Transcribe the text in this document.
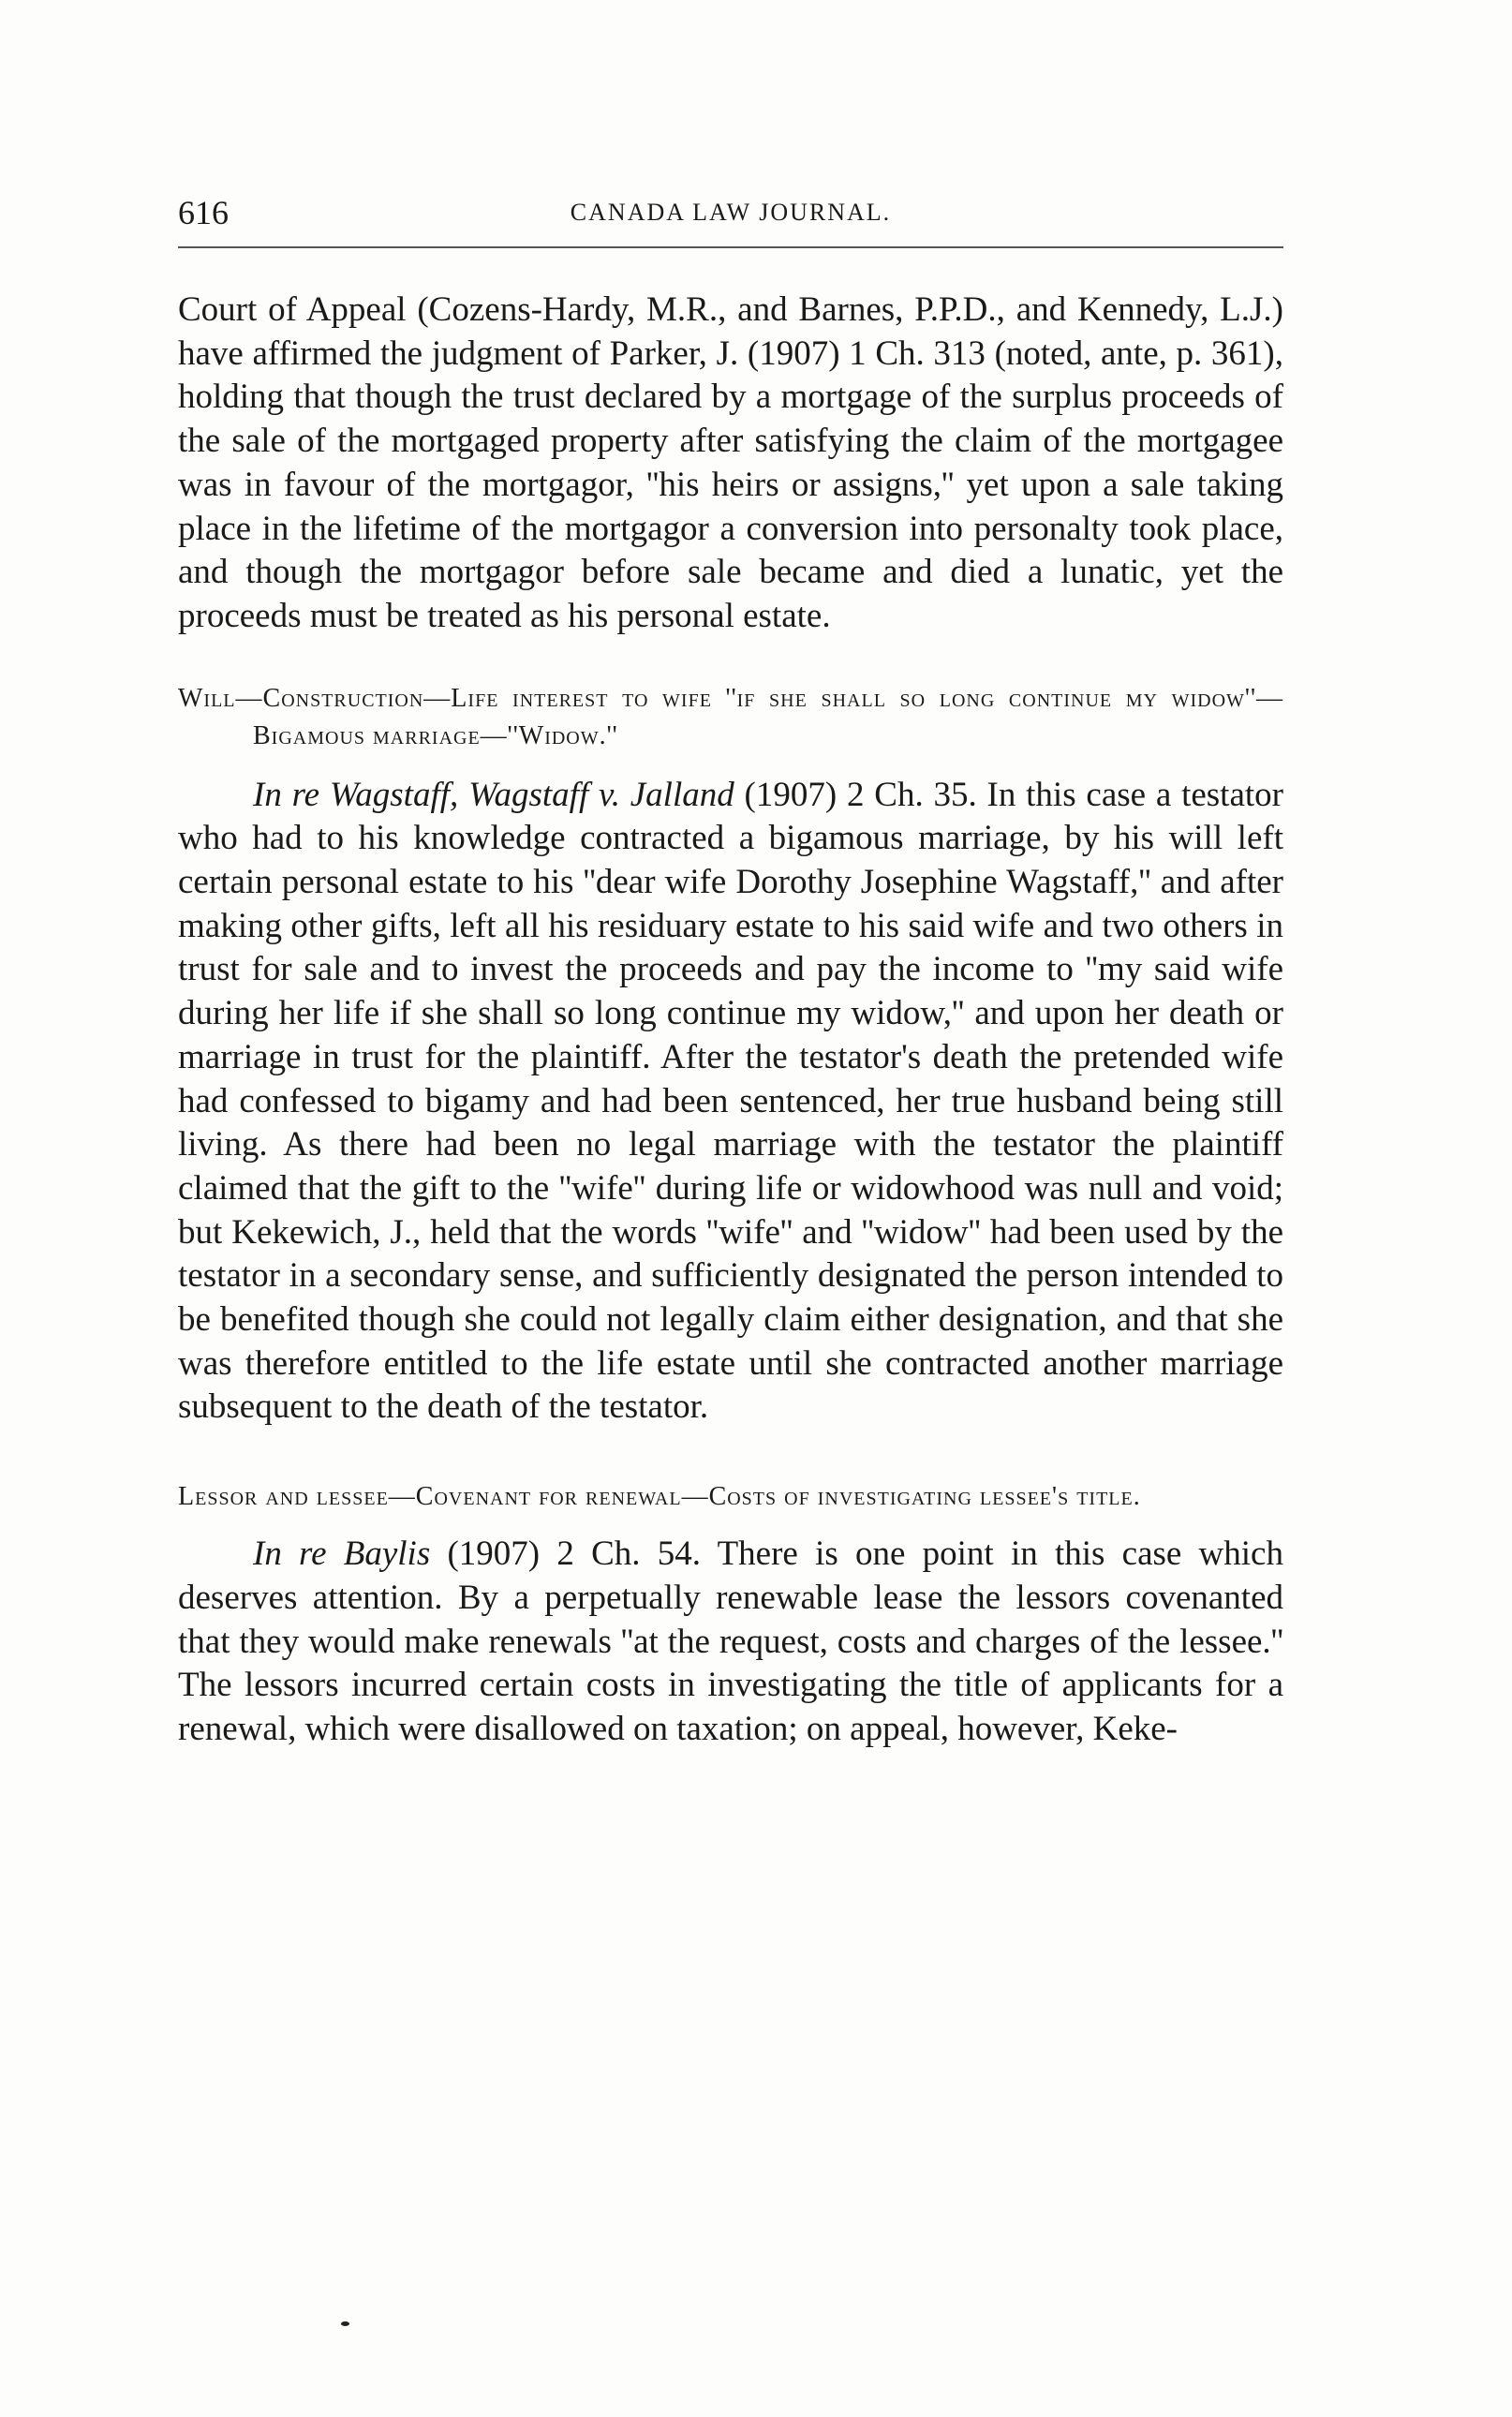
616	CANADA LAW JOURNAL.

Court of Appeal (Cozens-Hardy, M.R., and Barnes, P.P.D., and Kennedy, L.J.) have affirmed the judgment of Parker, J. (1907) 1 Ch. 313 (noted, ante, p. 361), holding that though the trust declared by a mortgage of the surplus proceeds of the sale of the mortgaged property after satisfying the claim of the mortgagee was in favour of the mortgagor, ''his heirs or assigns,'' yet upon a sale taking place in the lifetime of the mortgagor a conversion into personalty took place, and though the mortgagor before sale became and died a lunatic, yet the proceeds must be treated as his personal estate.

Will—Construction—Life interest to wife ''if she shall so long continue my widow''—Bigamous marriage—''Widow.''

In re Wagstaff, Wagstaff v. Jalland (1907) 2 Ch. 35. In this case a testator who had to his knowledge contracted a bigamous marriage, by his will left certain personal estate to his ''dear wife Dorothy Josephine Wagstaff,'' and after making other gifts, left all his residuary estate to his said wife and two others in trust for sale and to invest the proceeds and pay the income to ''my said wife during her life if she shall so long continue my widow,'' and upon her death or marriage in trust for the plaintiff. After the testator's death the pretended wife had confessed to bigamy and had been sentenced, her true husband being still living. As there had been no legal marriage with the testator the plaintiff claimed that the gift to the ''wife'' during life or widowhood was null and void; but Kekewich, J., held that the words ''wife'' and ''widow'' had been used by the testator in a secondary sense, and sufficiently designated the person intended to be benefited though she could not legally claim either designation, and that she was therefore entitled to the life estate until she contracted another marriage subsequent to the death of the testator.

Lessor and lessee—Covenant for renewal—Costs of investigating lessee's title.

In re Baylis (1907) 2 Ch. 54. There is one point in this case which deserves attention. By a perpetually renewable lease the lessors covenanted that they would make renewals ''at the request, costs and charges of the lessee.'' The lessors incurred certain costs in investigating the title of applicants for a renewal, which were disallowed on taxation; on appeal, however, Keke-
